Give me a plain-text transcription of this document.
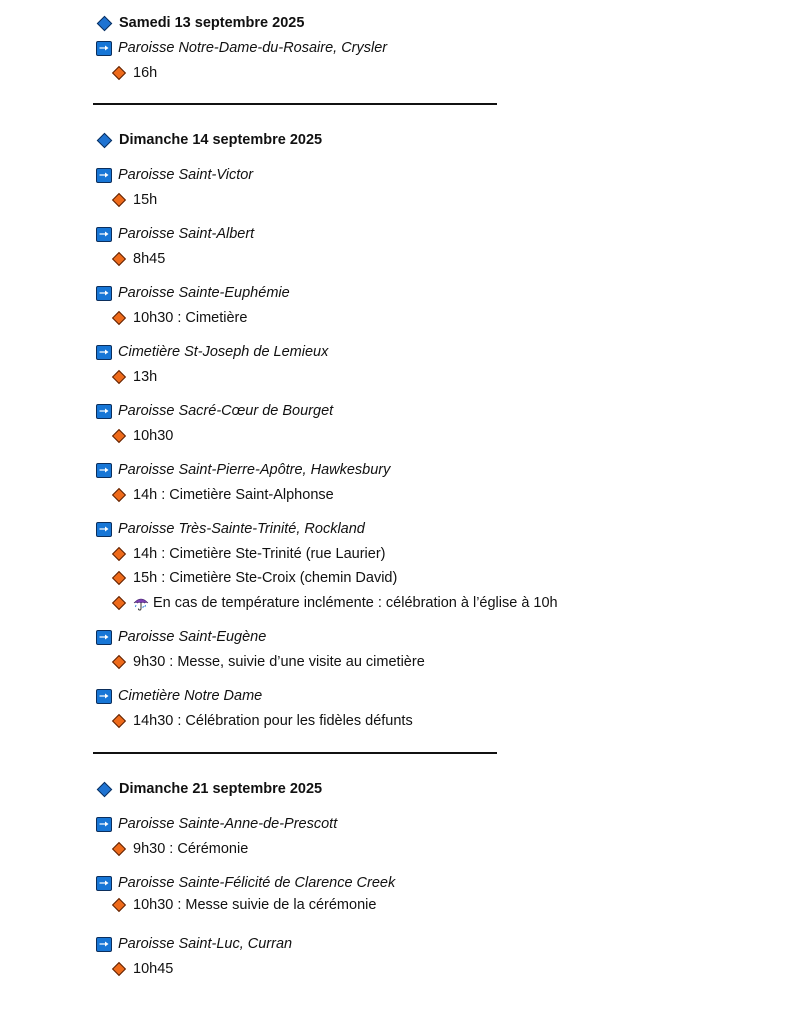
Samedi 13 septembre 2025
Paroisse Notre-Dame-du-Rosaire, Crysler
16h
Dimanche 14 septembre 2025
Paroisse Saint-Victor
15h
Paroisse Saint-Albert
8h45
Paroisse Sainte-Euphémie
10h30 : Cimetière
Cimetière St-Joseph de Lemieux
13h
Paroisse Sacré-Cœur de Bourget
10h30
Paroisse Saint-Pierre-Apôtre, Hawkesbury
14h : Cimetière Saint-Alphonse
Paroisse Très-Sainte-Trinité, Rockland
14h : Cimetière Ste-Trinité (rue Laurier)
15h : Cimetière Ste-Croix (chemin David)
En cas de température inclémente : célébration à l’église à 10h
Paroisse Saint-Eugène
9h30 : Messe, suivie d’une visite au cimetière
Cimetière Notre Dame
14h30 : Célébration pour les fidèles défunts
Dimanche 21 septembre 2025
Paroisse Sainte-Anne-de-Prescott
9h30 : Cérémonie
Paroisse Sainte-Félicité de Clarence Creek
10h30 : Messe suivie de la cérémonie
Paroisse Saint-Luc, Curran
10h45
